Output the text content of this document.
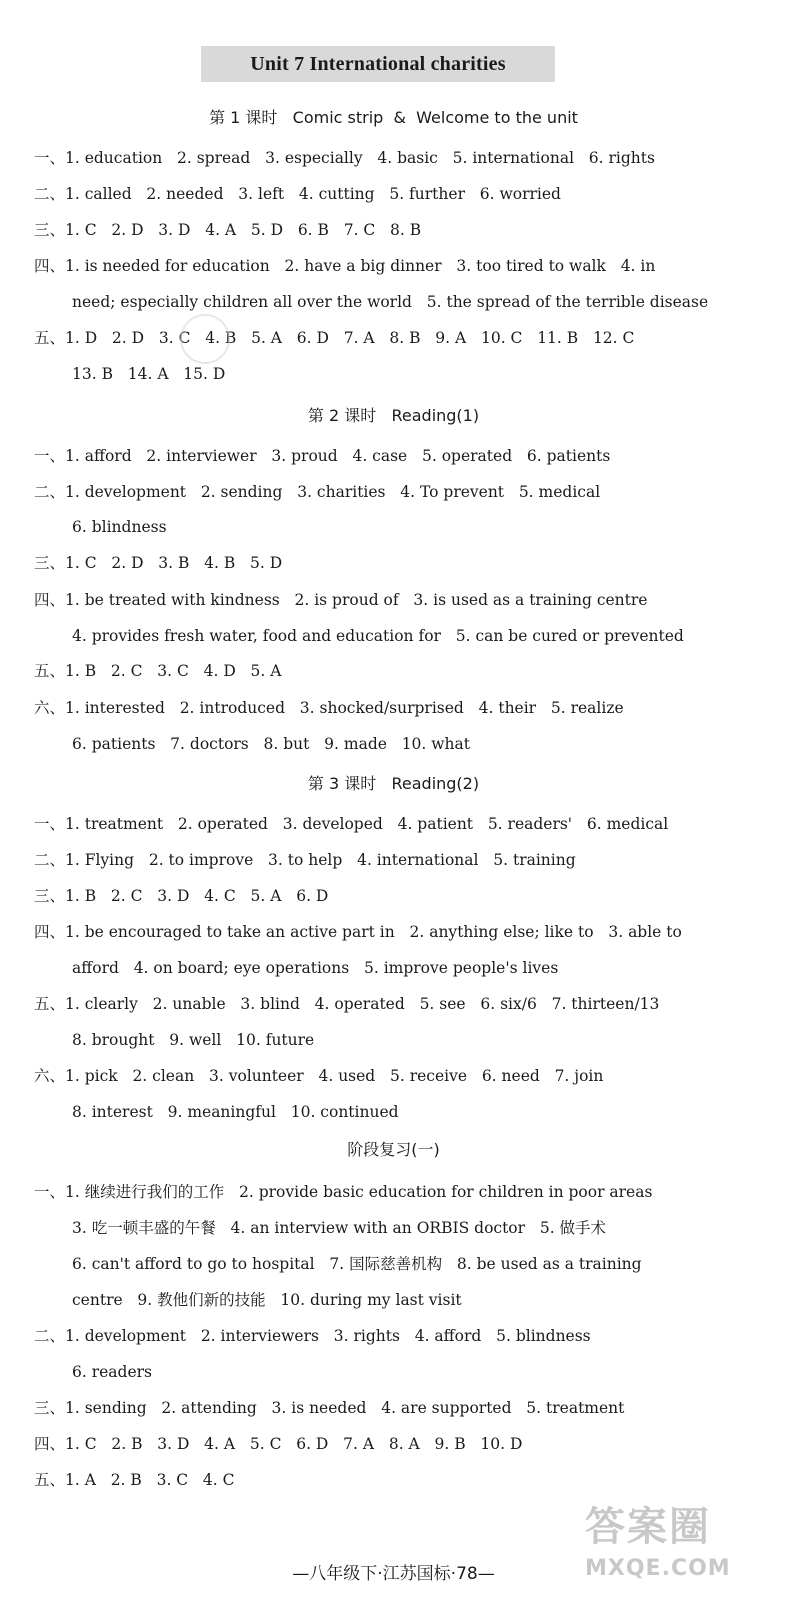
Unit 7 International charities
第 1 课时   Comic strip  &  Welcome to the unit
一、1. education   2. spread   3. especially   4. basic   5. international   6. rights
二、1. called   2. needed   3. left   4. cutting   5. further   6. worried
三、1. C   2. D   3. D   4. A   5. D   6. B   7. C   8. B
四、1. is needed for education   2. have a big dinner   3. too tired to walk   4. in
need; especially children all over the world   5. the spread of the terrible disease
五、1. D   2. D   3. C   4. B   5. A   6. D   7. A   8. B   9. A   10. C   11. B   12. C
13. B   14. A   15. D
第 2 课时   Reading(1)
一、1. afford   2. interviewer   3. proud   4. case   5. operated   6. patients
二、1. development   2. sending   3. charities   4. To prevent   5. medical
6. blindness
三、1. C   2. D   3. B   4. B   5. D
四、1. be treated with kindness   2. is proud of   3. is used as a training centre
4. provides fresh water, food and education for   5. can be cured or prevented
五、1. B   2. C   3. C   4. D   5. A
六、1. interested   2. introduced   3. shocked/surprised   4. their   5. realize
6. patients   7. doctors   8. but   9. made   10. what
第 3 课时   Reading(2)
一、1. treatment   2. operated   3. developed   4. patient   5. readers'   6. medical
二、1. Flying   2. to improve   3. to help   4. international   5. training
三、1. B   2. C   3. D   4. C   5. A   6. D
四、1. be encouraged to take an active part in   2. anything else; like to   3. able to
afford   4. on board; eye operations   5. improve people's lives
五、1. clearly   2. unable   3. blind   4. operated   5. see   6. six/6   7. thirteen/13
8. brought   9. well   10. future
六、1. pick   2. clean   3. volunteer   4. used   5. receive   6. need   7. join
8. interest   9. meaningful   10. continued
阶段复习(一)
一、1. 继续进行我们的工作   2. provide basic education for children in poor areas
3. 吃一顿丰盛的午餐   4. an interview with an ORBIS doctor   5. 做手术
6. can't afford to go to hospital   7. 国际慈善机构   8. be used as a training
centre   9. 教他们新的技能   10. during my last visit
二、1. development   2. interviewers   3. rights   4. afford   5. blindness
6. readers
三、1. sending   2. attending   3. is needed   4. are supported   5. treatment
四、1. C   2. B   3. D   4. A   5. C   6. D   7. A   8. A   9. B   10. D
五、1. A   2. B   3. C   4. C
—八年级下·江苏国标·78—
答案圈
MXQE.COM
